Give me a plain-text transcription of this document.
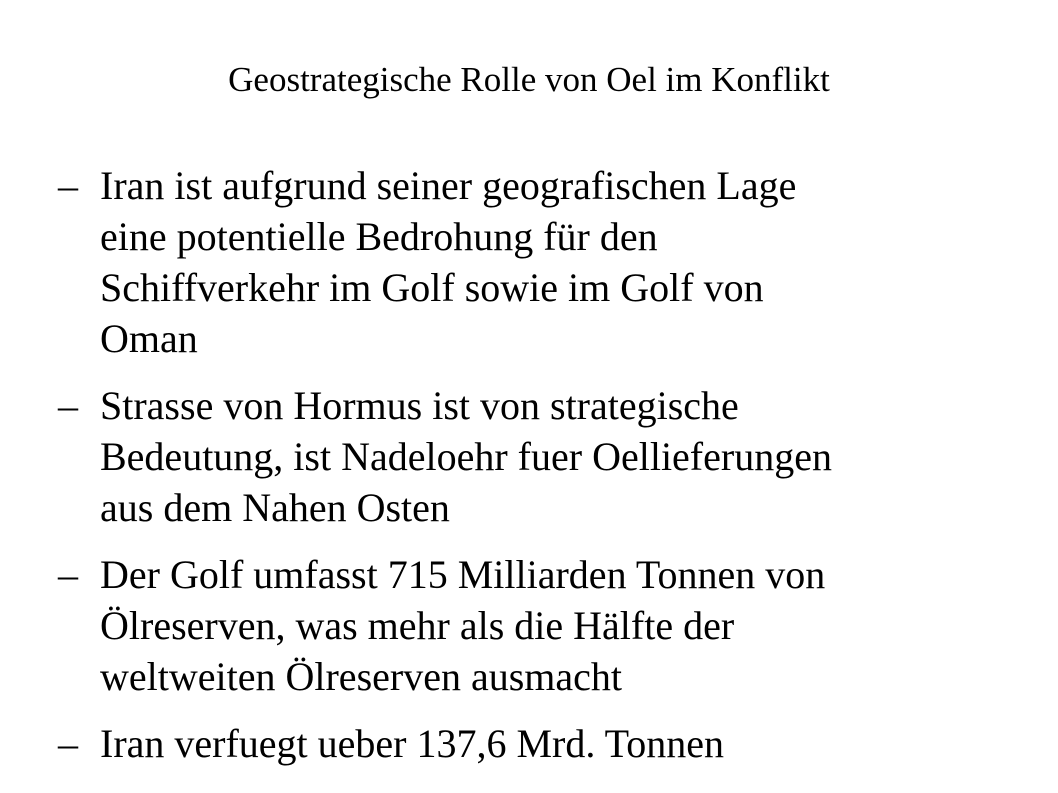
Geostrategische Rolle von Oel im Konflikt
– Iran ist aufgrund seiner geografischen Lage
eine potentielle Bedrohung für den
Schiffverkehr im Golf sowie im Golf von
Oman
– Strasse von Hormus ist von strategische
Bedeutung, ist Nadeloehr fuer Oellieferungen
aus dem Nahen Osten
– Der Golf umfasst 715 Milliarden Tonnen von
Ölreserven, was mehr als die Hälfte der
weltweiten Ölreserven ausmacht
– Iran verfuegt ueber 137,6 Mrd. Tonnen
